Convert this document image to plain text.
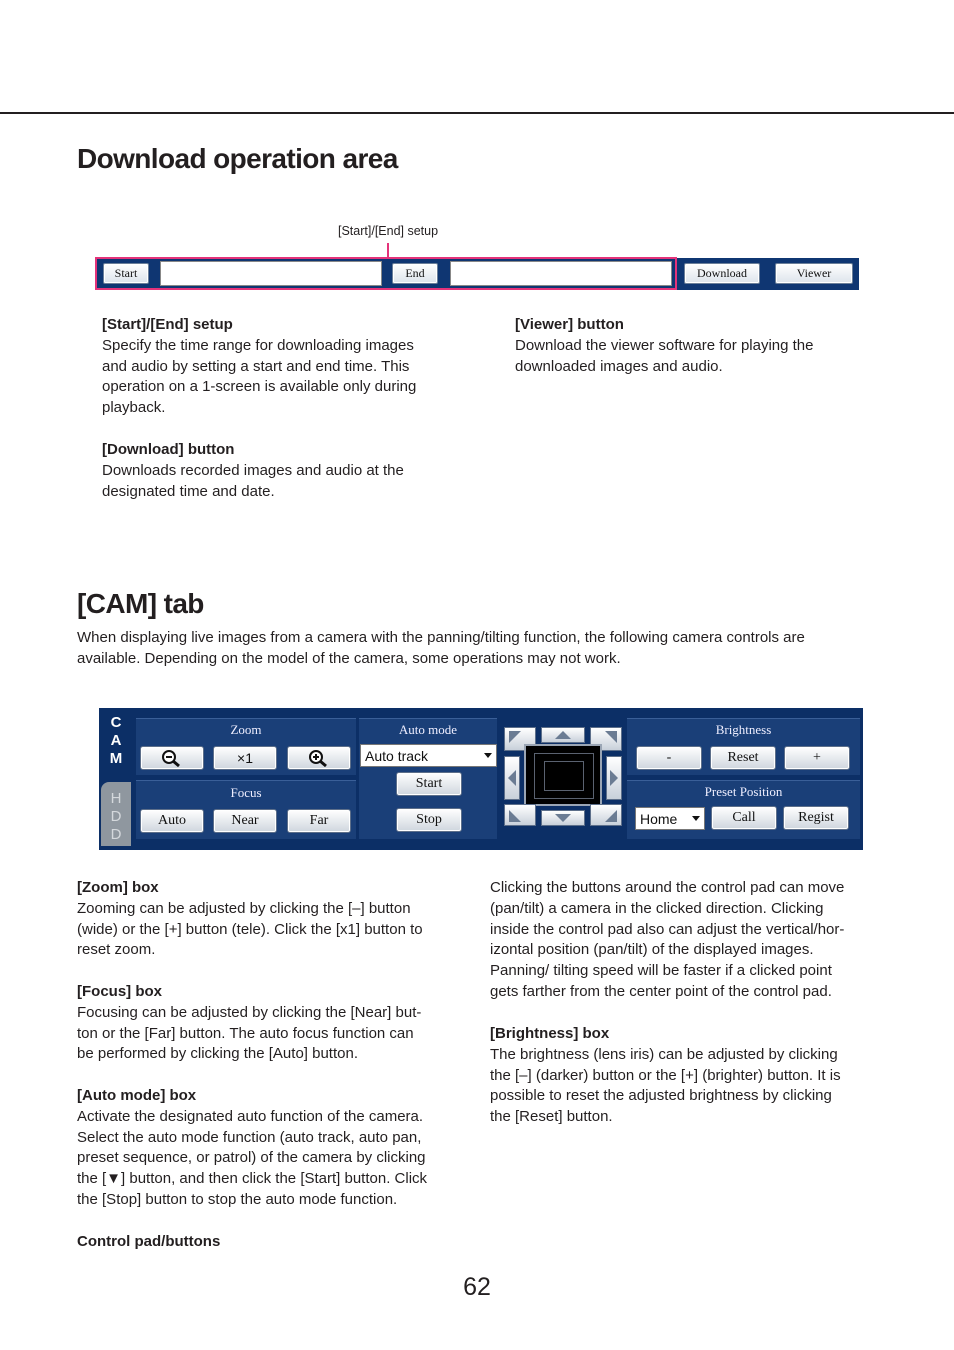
Download operation area
[Start]/[End] setup
Start	End	Download	Viewer
[Start]/[End] setup
Specify the time range for downloading images
and audio by setting a start and end time. This
operation on a 1-screen is available only during
playback.
[Download] button
Downloads recorded images and audio at the
designated time and date.
[Viewer] button
Download the viewer software for playing the
downloaded images and audio.
[CAM] tab
When displaying live images from a camera with the panning/tilting function, the following camera controls are
available. Depending on the model of the camera, some operations may not work.
C
A
M
H
D
D
Zoom
×1
Focus
Auto	Near	Far
Auto mode
Auto track
Start
Stop
Brightness
-	Reset	+
Preset Position
Home	Call	Regist
[Zoom] box
Zooming can be adjusted by clicking the [–] button
(wide) or the [+] button (tele). Click the [x1] button to
reset zoom.
[Focus] box
Focusing can be adjusted by clicking the [Near] but-
ton or the [Far] button. The auto focus function can
be performed by clicking the [Auto] button.
[Auto mode] box
Activate the designated auto function of the camera.
Select the auto mode function (auto track, auto pan,
preset sequence, or patrol) of the camera by clicking
the [▼] button, and then click the [Start] button. Click
the [Stop] button to stop the auto mode function.
Control pad/buttons
Clicking the buttons around the control pad can move
(pan/tilt) a camera in the clicked direction. Clicking
inside the control pad also can adjust the vertical/hor-
izontal position (pan/tilt) of the displayed images.
Panning/ tilting speed will be faster if a clicked point
gets farther from the center point of the control pad.
[Brightness] box
The brightness (lens iris) can be adjusted by clicking
the [–] (darker) button or the [+] (brighter) button. It is
possible to reset the adjusted brightness by clicking
the [Reset] button.
62
